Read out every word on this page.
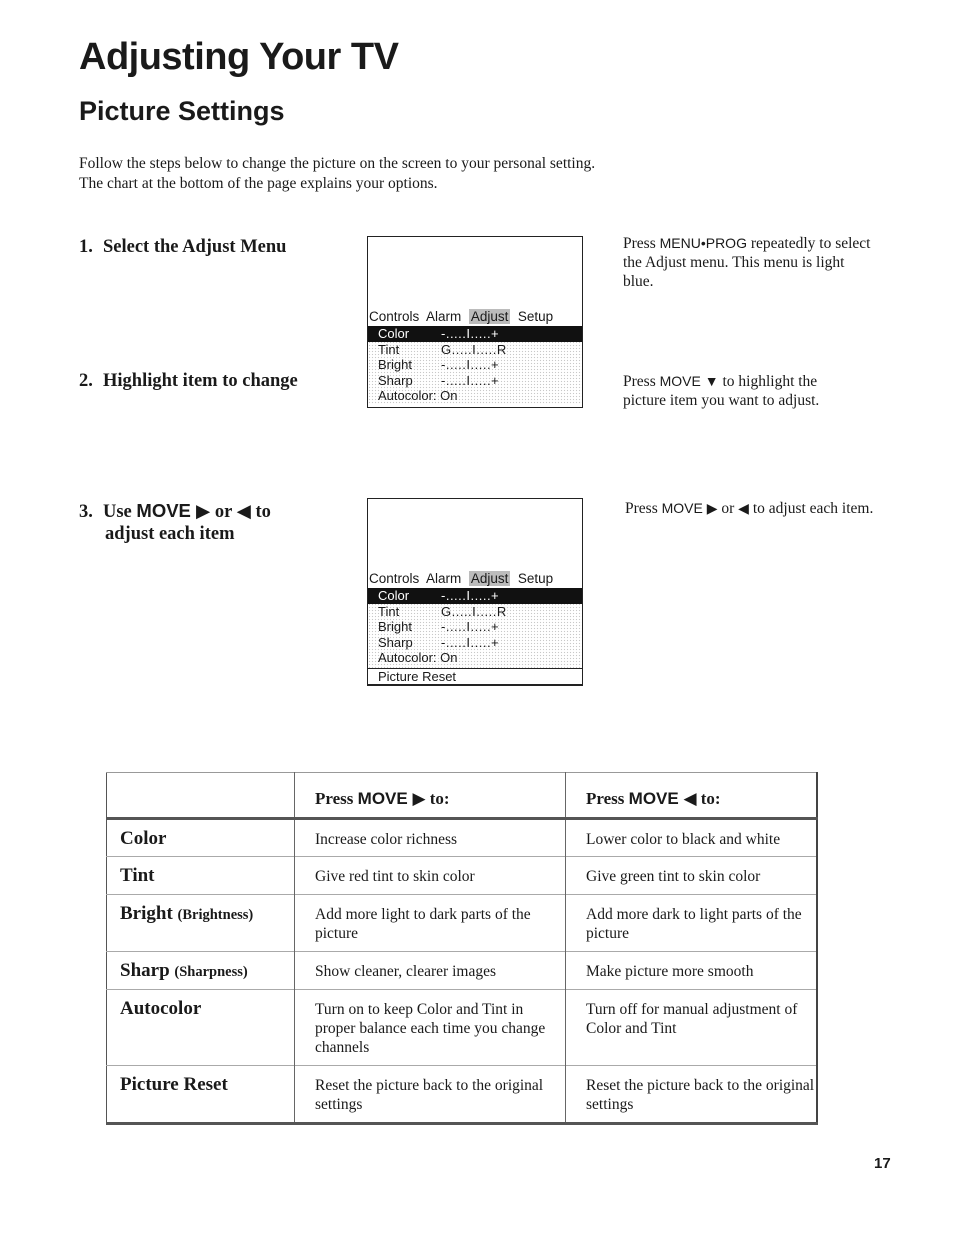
Adjusting Your TV
Picture Settings

Follow the steps below to change the picture on the screen to your personal setting. The chart at the bottom of the page explains your options.

1. Select the Adjust Menu
2. Highlight item to change
3. Use MOVE ▶ or ◀ to
adjust each item
Press MENU•PROG repeatedly to select the Adjust menu. This menu is light blue.
Press MOVE ▼ to highlight the picture item you want to adjust.
Press MOVE ▶ or ◀ to adjust each item.
Controls Alarm Adjust Setup
Color -.....I.....+
Tint	G.....I.....R
Bright -.....I.....+
Sharp -.....I.....+
Autocolor: On
Controls Alarm Adjust Setup
Color -.....I.....+
Tint	G.....I.....R
Bright -.....I.....+
Sharp -.....I.....+
Autocolor: On
Picture Reset
	Press MOVE ▶ to:	Press MOVE ◀ to:
Color	Increase color richness	Lower color to black and white
Tint	Give red tint to skin color	Give green tint to skin color
Bright (Brightness)	Add more light to dark parts of the picture	Add more dark to light parts of the picture
Sharp (Sharpness)	Show cleaner, clearer images	Make picture more smooth
Autocolor	Turn on to keep Color and Tint in proper balance each time you change channels	Turn off for manual adjustment of Color and Tint
Picture Reset	Reset the picture back to the original settings	Reset the picture back to the original settings
17
